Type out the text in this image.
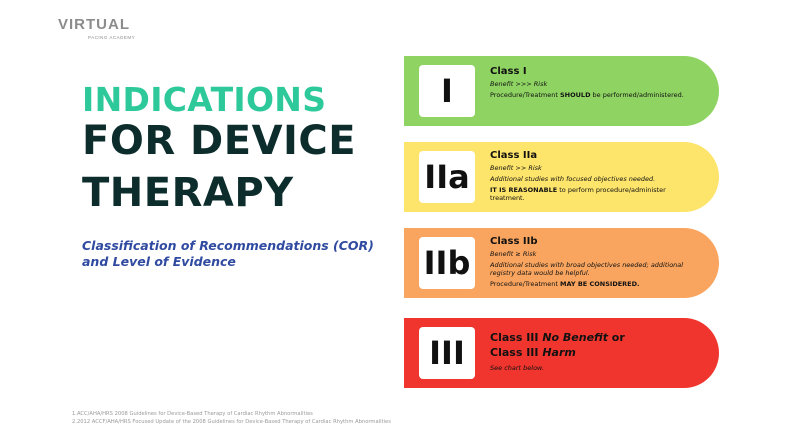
VIRTUAL
PACING ACADEMY
INDICATIONS
FOR DEVICE
THERAPY
Classification of Recommendations (COR) and Level of Evidence
I
Class I
Benefit >>> Risk
Procedure/Treatment SHOULD be performed/administered.
IIa
Class IIa
Benefit >> Risk
Additional studies with focused objectives needed.
IT IS REASONABLE to perform procedure/administer treatment.
IIb
Class IIb
Benefit ≥ Risk
Additional studies with broad objectives needed; additional registry data would be helpful.
Procedure/Treatment MAY BE CONSIDERED.
III	Class III No Benefit or
Class III Harm
See chart below.
1.ACC/AHA/HRS 2008 Guidelines for Device-Based Therapy of Cardiac Rhythm Abnormalities
2.2012 ACCF/AHA/HRS Focused Update of the 2008 Guidelines for Device-Based Therapy of Cardiac Rhythm Abnormalities
